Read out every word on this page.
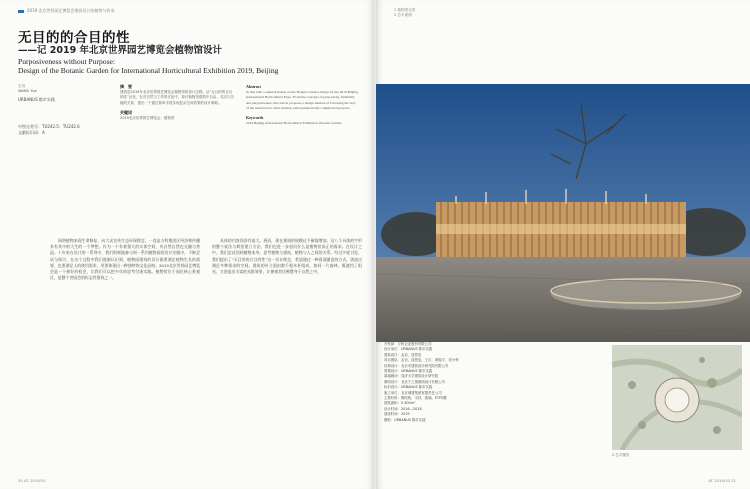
2019 北京世界园艺博览会建筑设计的植物与传承
无目的的合目的性
——记 2019 年北京世界园艺博览会植物馆设计
Purposiveness without Purpose:
Design of the Botanic Garden for International Horticultural Exhibition 2019, Beijing
王川
WANG Yue
URBANUS 都市实践
中图分类号：TU242.5；TU242.6
文献标识码：A
摘　要
建筑是2019年北京世界园艺博览会植物馆的设计过程。从“无目的的合目的性”出发，在对自然与工作的讨论中，探讨植物馆建筑中自由、灵活与功能的关系，提出一个通过简单手段实现复杂空间效果的设计策略。
关键词
2019北京世界园艺博览会；植物馆
Abstract
In line with a summarization on the Botanic Garden design for the 2019 Beijing International Horticultural Expo. From the concepts of purposivity, flexibility and purposiveness, this article proposes a design method of following the way of the natural laws when dealing with systematically complicated projects.
Keywords
2019 Beijing International Horticultural Exhibition, Botanic Garden

网络植物来现生命修复，向大众宣传生态环保理念，一直是万科集团区经济和传播来有其中的大生的一个梦想。作为一个有着强大的实体空间，有自然自然也交融与营造。十年来在设计的一系列中，我们积极地参与到一系列植物园的设计实践中，不断尝试与探讨。在这个过程中我们逐渐认识到，植物园建筑的设计既要满足植物生长的需要，也要满足人的使用需求，更要体现出一种独特的文化品格。2019北京世界园艺博览会是一个极好的机会，让我们可以把多年的思考付诸实践。植物馆位于园区核心景观区，是整个世园会的标志性建筑之一。

具体的内容即涉有最大。展而，现在建筑的规模过不断地增加。这八个具体的字形的整个说法与简括建立方法，我们也进一步追问什么是植物馆真正的需求。在设计之中，我们尝试回到植物本身，思考植物与建筑、植物与人之间的关系。经过多轮讨论，我们提出了“无目的的合目的性”这一设计理念，希望通过一种看似随意的方式，创造出满足多种需求的空间。建筑的外立面由数千根木杆组成，如同一片森林，既遮挡了阳光，又创造出丰富的光影效果，让参观者仿佛置身于自然之中。

30 AT 2019/10
1 植物馆全景
2 总平面图
开发商：万科企业股份有限公司
设计单位：URBANUS 都市实践
建筑设计：孟岩，饶恩辰
项目团队：孟岩，饶恩辰，王川，黄振宇，邓小骅
结构设计：北京市建筑设计研究院有限公司
景观设计：URBANUS 都市实践
幕墙顾问：同济大学建筑设计研究院
照明设计：北京宁之境照明设计有限公司
标识设计：URBANUS 都市实践
施工单位：北京城建集团有限责任公司
主要材料：钢结构，木材，玻璃，ETFE膜
建筑面积：9 400m²
设计时间：2016—2018
建成时间：2019
摄影：URBANUS 都市实践
2 总平面图
AT 2019/10 31
